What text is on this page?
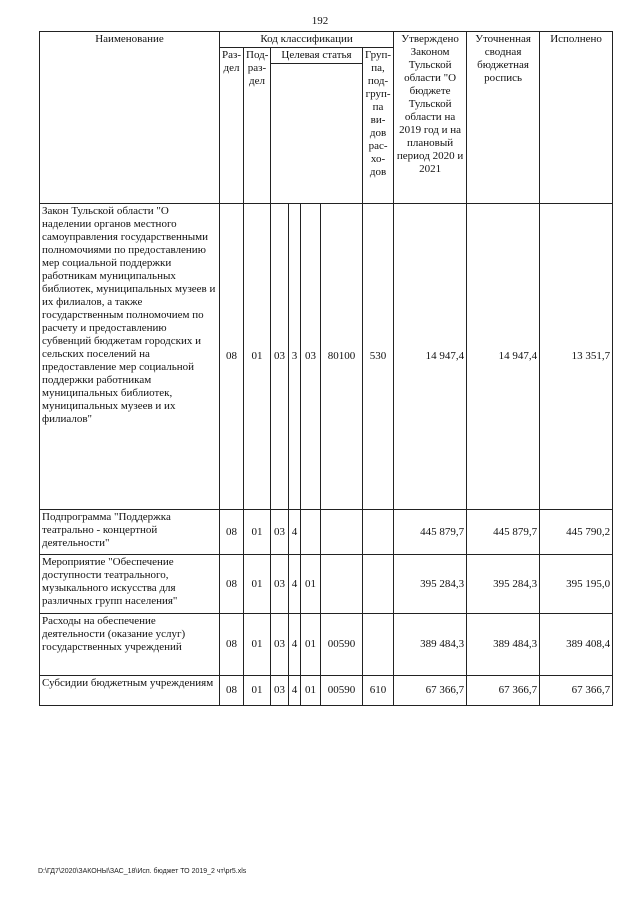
192
Наименование	Код классификации							Утверждено Законом Тульской области "О бюджете Тульской области на 2019 год и на плановый период 2020 и 2021	Уточненная сводная бюджетная роспись	Исполнено
	Раз-дел	Под-раз-дел	Целевая статья				Груп-па, под-груп-па ви-дов рас-хо-дов			

Закон Тульской области "О наделении органов местного самоуправления государственными полномочиями по предоставлению мер социальной поддержки работникам муниципальных библиотек, муниципальных музеев и их филиалов, а также государственным полномочием по расчету и предоставлению субвенций бюджетам городских и сельских поселений на предоставление мер социальной поддержки работникам муниципальных библиотек, муниципальных музеев и их филиалов"	08	01	03	3	03	80100	530	14 947,4	14 947,4	13 351,7
Подпрограмма "Поддержка театрально - концертной деятельности"	08	01	03	4				445 879,7	445 879,7	445 790,2
Мероприятие "Обеспечение доступности театрального, музыкального искусства для различных групп населения"	08	01	03	4	01			395 284,3	395 284,3	395 195,0
Расходы на обеспечение деятельности (оказание услуг) государственных учреждений	08	01	03	4	01	00590		389 484,3	389 484,3	389 408,4
Субсидии бюджетным учреждениям	08	01	03	4	01	00590	610	67 366,7	67 366,7	67 366,7
D:\ГД7\2020\ЗАКОНЫ\ЗАС_18\Исп. бюджет ТО 2019_2 чт\pr5.xls
